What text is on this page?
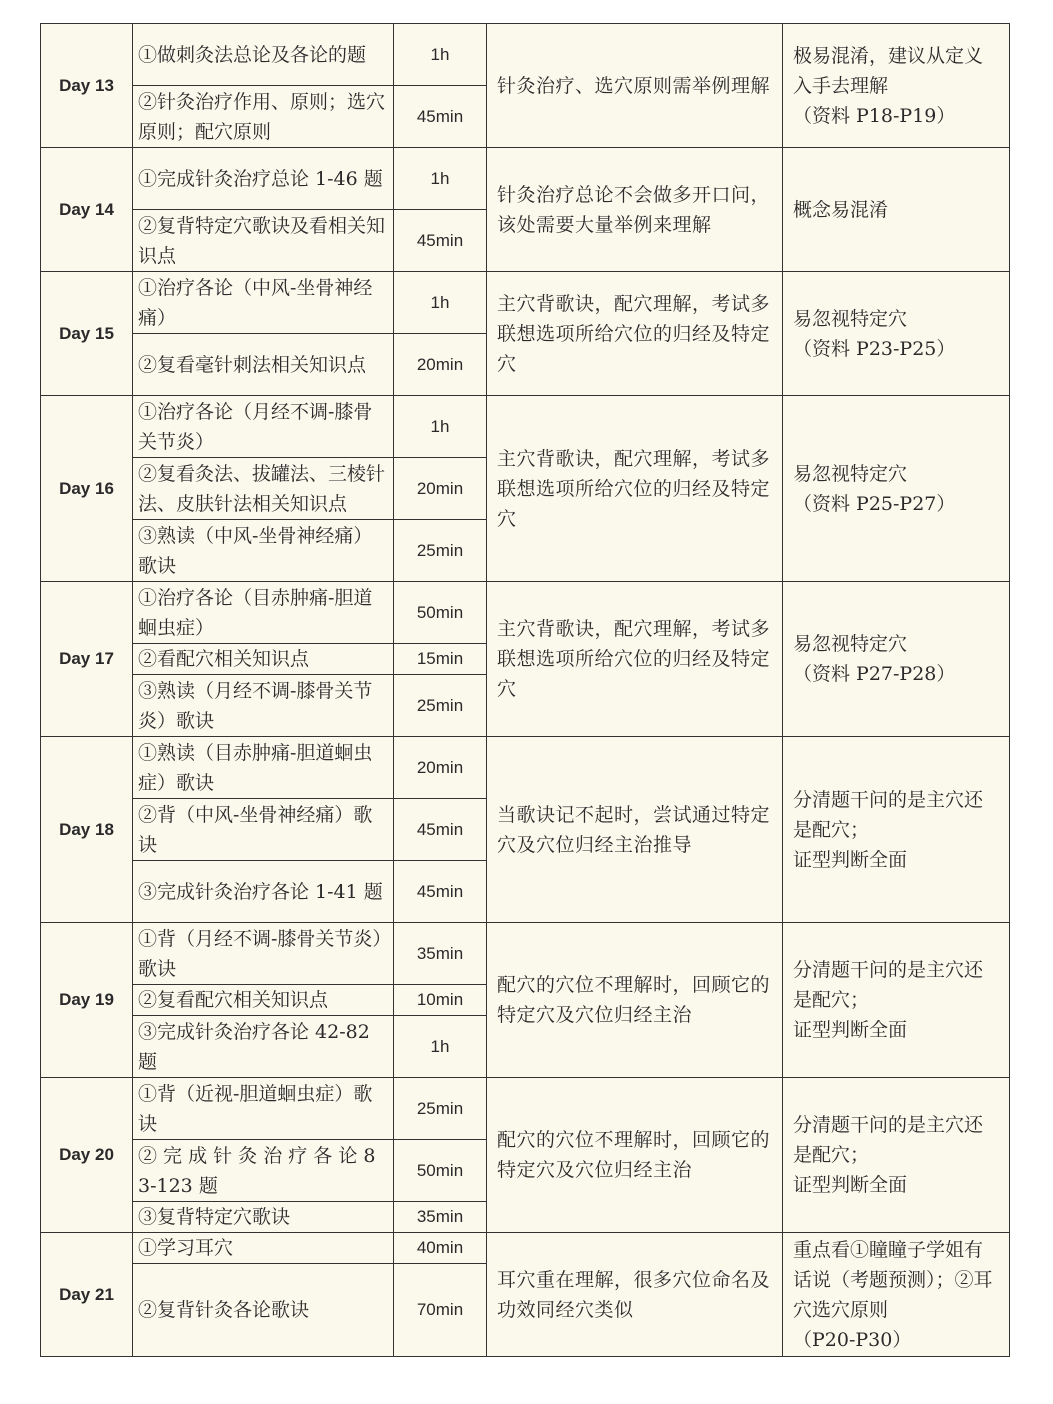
Day 13	①做刺灸法总论及各论的题	1h	针灸治疗、选穴原则需举例理解	极易混淆，建议从定义入手去理解
（资料 P18-P19）

	②针灸治疗作用、原则；选穴原则；配穴原则	45min		
Day 14	①完成针灸治疗总论 1-46 题	1h	针灸治疗总论不会做多开口问，该处需要大量举例来理解	概念易混淆

	②复背特定穴歌诀及看相关知识点	45min		
Day 15	①治疗各论（中风-坐骨神经痛）	1h	主穴背歌诀，配穴理解，考试多联想选项所给穴位的归经及特定穴	易忽视特定穴
（资料 P23-P25）

	②复看毫针刺法相关知识点	20min		
Day 16	①治疗各论（月经不调-膝骨关节炎）	1h	主穴背歌诀，配穴理解，考试多联想选项所给穴位的归经及特定穴	易忽视特定穴
（资料 P25-P27）

	②复看灸法、拔罐法、三棱针法、皮肤针法相关知识点	20min		
	③熟读（中风-坐骨神经痛）歌诀	25min		
Day 17	①治疗各论（目赤肿痛-胆道蛔虫症）	50min	主穴背歌诀，配穴理解，考试多联想选项所给穴位的归经及特定穴	易忽视特定穴
（资料 P27-P28）

	②看配穴相关知识点	15min		
	③熟读（月经不调-膝骨关节炎）歌诀	25min		
Day 18	①熟读（目赤肿痛-胆道蛔虫症）歌诀	20min	当歌诀记不起时，尝试通过特定穴及穴位归经主治推导	分清题干问的是主穴还是配穴；
证型判断全面

	②背（中风-坐骨神经痛）歌诀	45min		
	③完成针灸治疗各论 1-41 题	45min		
Day 19	①背（月经不调-膝骨关节炎）歌诀	35min	配穴的穴位不理解时，回顾它的特定穴及穴位归经主治	分清题干问的是主穴还是配穴；
证型判断全面

	②复看配穴相关知识点	10min		
	③完成针灸治疗各论 42-82 题	1h		
Day 20	①背（近视-胆道蛔虫症）歌诀	25min	配穴的穴位不理解时，回顾它的特定穴及穴位归经主治	分清题干问的是主穴还是配穴；
证型判断全面

	② 完 成 针 灸 治 疗 各 论 83-123 题	50min		
	③复背特定穴歌诀	35min		
Day 21	①学习耳穴	40min	耳穴重在理解，很多穴位命名及功效同经穴类似	重点看①瞳瞳子学姐有话说（考题预测）；②耳穴选穴原则
（P20-P30）

	②复背针灸各论歌诀	70min		
